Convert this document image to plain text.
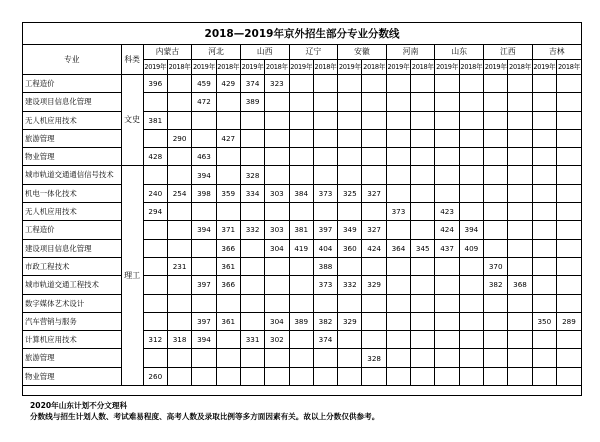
2018—2019年京外招生部分专业分数线
专业	科类	内蒙古		河北		山西		辽宁		安徽		河南		山东		江西		吉林	
		2019年	2018年	2019年	2018年	2019年	2018年	2019年	2018年	2019年	2018年	2019年	2018年	2019年	2018年	2019年	2018年	2019年	2018年
工程造价	文史	396		459	429	374	323												
建设项目信息化管理				472		389													
无人机应用技术		381																	
旅游管理			290		427														
物业管理		428		463															
城市轨道交通通信信号技术	理工			394		328													
机电一体化技术		240	254	398	359	334	303	384	373	325	327								
无人机应用技术		294										373		423					
工程造价				394	371	332	303	381	397	349	327			424	394				
建设项目信息化管理					366		304	419	404	360	424	364	345	437	409				
市政工程技术			231		361				388							370			
城市轨道交通工程技术				397	366				373	332	329					382	368		
数字媒体艺术设计																			
汽车营销与服务				397	361		304	389	382	329								350	289
计算机应用技术		312	318	394		331	302		374										
旅游管理											328								
物业管理		260																	
2020年山东计划不分文理科
分数线与招生计划人数、考试难易程度、高考人数及录取比例等多方面因素有关。故以上分数仅供参考。
